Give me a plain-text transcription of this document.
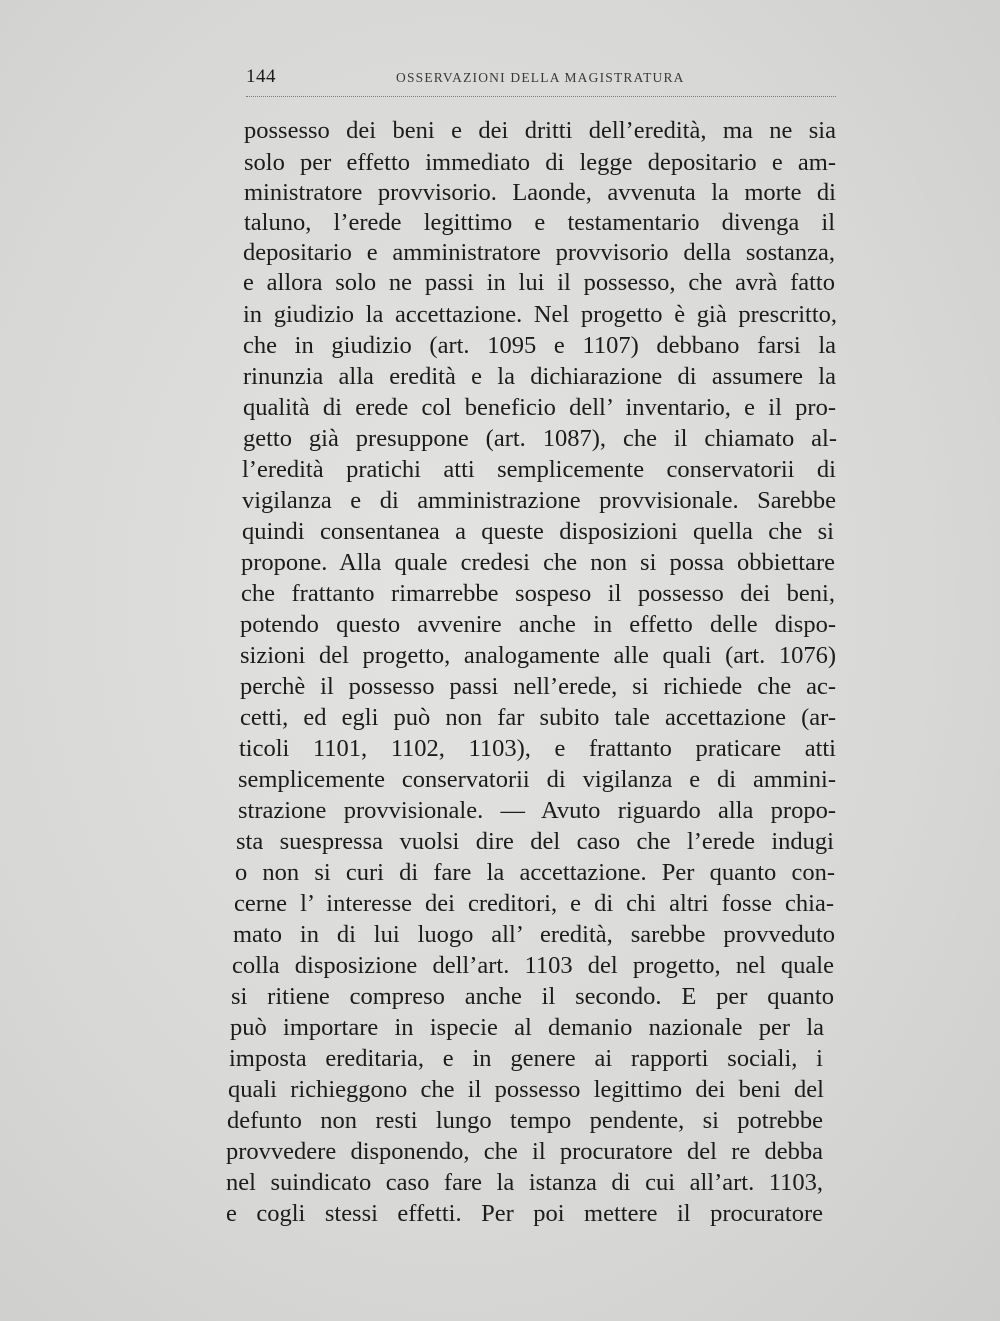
144	OSSERVAZIONI DELLA MAGISTRATURA
possesso dei beni e dei dritti dell’eredità, ma ne sia
solo per effetto immediato di legge depositario e am-
ministratore provvisorio. Laonde, avvenuta la morte di
taluno, l’erede legittimo e testamentario divenga il
depositario e amministratore provvisorio della sostanza,
e allora solo ne passi in lui il possesso, che avrà fatto
in giudizio la accettazione. Nel progetto è già prescritto,
che in giudizio (art. 1095 e 1107) debbano farsi la
rinunzia alla eredità e la dichiarazione di assumere la
qualità di erede col beneficio dell’ inventario, e il pro-
getto già presuppone (art. 1087), che il chiamato al-
l’eredità pratichi atti semplicemente conservatorii di
vigilanza e di amministrazione provvisionale. Sarebbe
quindi consentanea a queste disposizioni quella che si
propone. Alla quale credesi che non si possa obbiettare
che frattanto rimarrebbe sospeso il possesso dei beni,
potendo questo avvenire anche in effetto delle dispo-
sizioni del progetto, analogamente alle quali (art. 1076)
perchè il possesso passi nell’erede, si richiede che ac-
cetti, ed egli può non far subito tale accettazione (ar-
ticoli 1101, 1102, 1103), e frattanto praticare atti
semplicemente conservatorii di vigilanza e di ammini-
strazione provvisionale. — Avuto riguardo alla propo-
sta suespressa vuolsi dire del caso che l’erede indugi
o non si curi di fare la accettazione. Per quanto con-
cerne l’ interesse dei creditori, e di chi altri fosse chia-
mato in di lui luogo all’ eredità, sarebbe provveduto
colla disposizione dell’art. 1103 del progetto, nel quale
si ritiene compreso anche il secondo. E per quanto
può importare in ispecie al demanio nazionale per la
imposta ereditaria, e in genere ai rapporti sociali, i
quali richieggono che il possesso legittimo dei beni del
defunto non resti lungo tempo pendente, si potrebbe
provvedere disponendo, che il procuratore del re debba
nel suindicato caso fare la istanza di cui all’art. 1103,
e cogli stessi effetti. Per poi mettere il procuratore
